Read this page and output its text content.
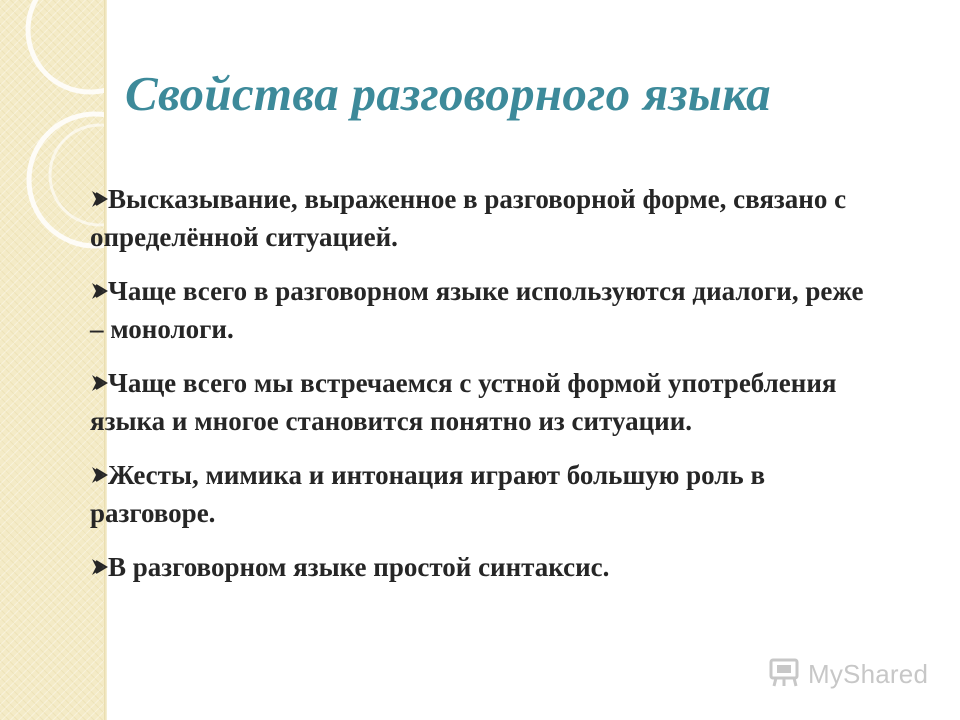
Свойства разговорного языка
Высказывание, выраженное в разговорной форме, связано с определённой ситуацией.
Чаще всего в разговорном языке используются диалоги, реже – монологи.
Чаще всего мы встречаемся с устной формой употребления языка и многое становится понятно из ситуации.
Жесты, мимика и интонация играют большую роль в разговоре.
В разговорном языке простой синтаксис.
MyShared
